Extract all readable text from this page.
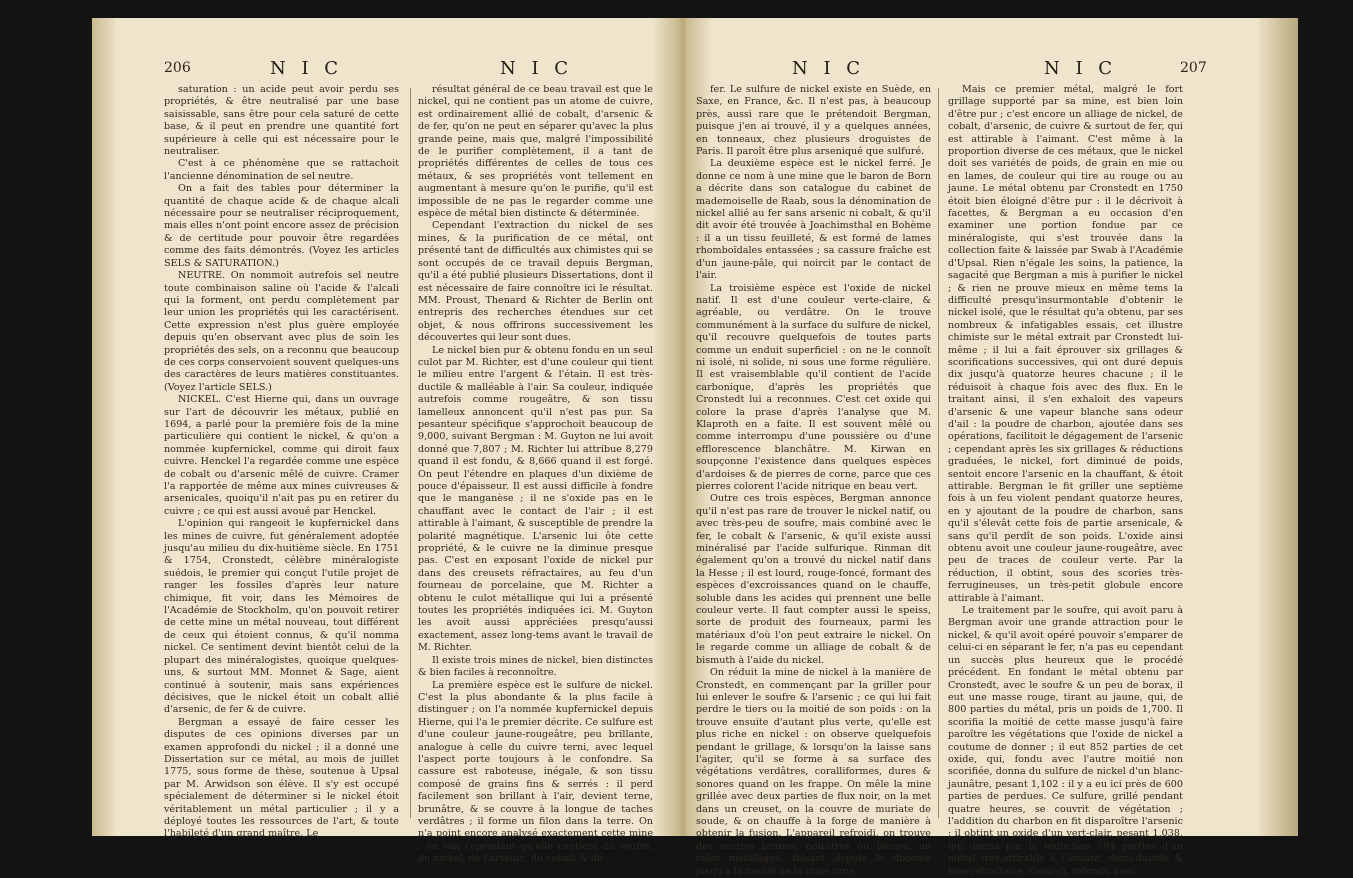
206	N I C	N I C

saturation : un acide peut avoir perdu ses propriétés, & être neutralisé par une base saisissable, sans être pour cela saturé de cette base, & il peut en prendre une quantité fort supérieure à celle qui est nécessaire pour le neutraliser.

C'est à ce phénomène que se rattachoit l'ancienne dénomination de sel neutre.

On a fait des tables pour déterminer la quantité de chaque acide & de chaque alcali nécessaire pour se neutraliser réciproquement, mais elles n'ont point encore assez de précision & de certitude pour pouvoir être regardées comme des faits démontrés. (Voyez les articles SELS & SATURATION.)

NEUTRE. On nommoit autrefois sel neutre toute combinaison saline où l'acide & l'alcali qui la forment, ont perdu complètement par leur union les propriétés qui les caractérisent. Cette expression n'est plus guère employée depuis qu'en observant avec plus de soin les propriétés des sels, on a reconnu que beaucoup de ces corps conservoient souvent quelques-uns des caractères de leurs matières constituantes. (Voyez l'article SELS.)

NICKEL. C'est Hierne qui, dans un ouvrage sur l'art de découvrir les métaux, publié en 1694, a parlé pour la première fois de la mine particulière qui contient le nickel, & qu'on a nommée kupfernickel, comme qui diroit faux cuivre. Henckel l'a regardée comme une espèce de cobalt ou d'arsenic mêlé de cuivre. Cramer l'a rapportée de même aux mines cuivreuses & arsenicales, quoiqu'il n'ait pas pu en retirer du cuivre ; ce qui est aussi avoué par Henckel.

L'opinion qui rangeoit le kupfernickel dans les mines de cuivre, fut généralement adoptée jusqu'au milieu du dix-huitième siècle. En 1751 & 1754, Cronstedt, célèbre minéralogiste suédois, le premier qui conçut l'utile projet de ranger les fossiles d'après leur nature chimique, fit voir, dans les Mémoires de l'Académie de Stockholm, qu'on pouvoit retirer de cette mine un métal nouveau, tout différent de ceux qui étoient connus, & qu'il nomma nickel. Ce sentiment devint bientôt celui de la plupart des minéralogistes, quoique quelques-uns, & surtout MM. Monnet & Sage, aient continué à soutenir, mais sans expériences décisives, que le nickel étoit un cobalt allié d'arsenic, de fer & de cuivre.

Bergman a essayé de faire cesser les disputes de ces opinions diverses par un examen approfondi du nickel ; il a donné une Dissertation sur ce métal, au mois de juillet 1775, sous forme de thèse, soutenue à Upsal par M. Arwidson son élève. Il s'y est occupé spécialement de déterminer si le nickel étoit véritablement un métal particulier ; il y a déployé toutes les ressources de l'art, & toute l'habileté d'un grand maître. Le

résultat général de ce beau travail est que le nickel, qui ne contient pas un atome de cuivre, est ordinairement allié de cobalt, d'arsenic & de fer, qu'on ne peut en séparer qu'avec la plus grande peine, mais que, malgré l'impossibilité de le purifier complètement, il a tant de propriétés différentes de celles de tous ces métaux, & ses propriétés vont tellement en augmentant à mesure qu'on le purifie, qu'il est impossible de ne pas le regarder comme une espèce de métal bien distincte & déterminée.

Cependant l'extraction du nickel de ses mines, & la purification de ce métal, ont présenté tant de difficultés aux chimistes qui se sont occupés de ce travail depuis Bergman, qu'il a été publié plusieurs Dissertations, dont il est nécessaire de faire connoître ici le résultat. MM. Proust, Thenard & Richter de Berlin ont entrepris des recherches étendues sur cet objet, & nous offrirons successivement les découvertes qui leur sont dues.

Le nickel bien pur & obtenu fondu en un seul culot par M. Richter, est d'une couleur qui tient le milieu entre l'argent & l'étain. Il est très-ductile & malléable à l'air. Sa couleur, indiquée autrefois comme rougeâtre, & son tissu lamelleux annoncent qu'il n'est pas pur. Sa pesanteur spécifique s'approchoit beaucoup de 9,000, suivant Bergman : M. Guyton ne lui avoit donné que 7,807 ; M. Richter lui attribue 8,279 quand il est fondu, & 8,666 quand il est forgé. On peut l'étendre en plaques d'un dixième de pouce d'épaisseur. Il est aussi difficile à fondre que le manganèse ; il ne s'oxide pas en le chauffant avec le contact de l'air ; il est attirable à l'aimant, & susceptible de prendre la polarité magnétique. L'arsenic lui ôte cette propriété, & le cuivre ne la diminue presque pas. C'est en exposant l'oxide de nickel pur dans des creusets réfractaires, au feu d'un fourneau de porcelaine, que M. Richter a obtenu le culot métallique qui lui a présenté toutes les propriétés indiquées ici. M. Guyton les avoit aussi appréciées presqu'aussi exactement, assez long-tems avant le travail de M. Richter.

Il existe trois mines de nickel, bien distinctes & bien faciles à reconnoître.

La première espèce est le sulfure de nickel. C'est la plus abondante & la plus facile à distinguer ; on l'a nommée kupfernickel depuis Hierne, qui l'a le premier décrite. Ce sulfure est d'une couleur jaune-rougeâtre, peu brillante, analogue à celle du cuivre terni, avec lequel l'aspect porte toujours à le confondre. Sa cassure est raboteuse, inégale, & son tissu composé de grains fins & serrés : il perd facilement son brillant à l'air, devient terne, brunâtre, & se couvre à la longue de taches verdâtres ; il forme un filon dans la terre. On n'a point encore analysé exactement cette mine : on sait cependant qu'elle contient du soufre, du nickel, de l'arsenic, du cobalt & du

N I C	N I C	207

fer. Le sulfure de nickel existe en Suède, en Saxe, en France, &c. Il n'est pas, à beaucoup près, aussi rare que le prétendoit Bergman, puisque j'en ai trouvé, il y a quelques années, en tonneaux, chez plusieurs droguistes de Paris. Il paroît être plus arseniqué que sulfuré.

La deuxième espèce est le nickel ferré. Je donne ce nom à une mine que le baron de Born a décrite dans son catalogue du cabinet de mademoiselle de Raab, sous la dénomination de nickel allié au fer sans arsenic ni cobalt, & qu'il dit avoir été trouvée à Joachimsthal en Bohème : il a un tissu feuilleté, & est formé de lames rhomboïdales entassées ; sa cassure fraîche est d'un jaune-pâle, qui noircit par le contact de l'air.

La troisième espèce est l'oxide de nickel natif. Il est d'une couleur verte-claire, & agréable, ou verdâtre. On le trouve communément à la surface du sulfure de nickel, qu'il recouvre quelquefois de toutes parts comme un enduit superficiel : on ne le connoît ni isolé, ni solide, ni sous une forme régulière. Il est vraisemblable qu'il contient de l'acide carbonique, d'après les propriétés que Cronstedt lui a reconnues. C'est cet oxide qui colore la prase d'après l'analyse que M. Klaproth en a faite. Il est souvent mêlé ou comme interrompu d'une poussière ou d'une efflorescence blanchâtre. M. Kirwan en soupçonne l'existence dans quelques espèces d'ardoises & de pierres de corne, parce que ces pierres colorent l'acide nitrique en beau vert.

Outre ces trois espèces, Bergman annonce qu'il n'est pas rare de trouver le nickel natif, ou avec très-peu de soufre, mais combiné avec le fer, le cobalt & l'arsenic, & qu'il existe aussi minéralisé par l'acide sulfurique. Rinman dit également qu'on a trouvé du nickel natif dans la Hesse ; il est lourd, rouge-foncé, formant des espèces d'excroissances quand on le chauffe, soluble dans les acides qui prennent une belle couleur verte. Il faut compter aussi le speiss, sorte de produit des fourneaux, parmi les matériaux d'où l'on peut extraire le nickel. On le regarde comme un alliage de cobalt & de bismuth à l'aide du nickel.

On réduit la mine de nickel à la manière de Cronstedt, en commençant par la griller pour lui enlever le soufre & l'arsenic ; ce qui lui fait perdre le tiers ou la moitié de son poids : on la trouve ensuite d'autant plus verte, qu'elle est plus riche en nickel : on observe quelquefois pendant le grillage, & lorsqu'on la laisse sans l'agiter, qu'il se forme à sa surface des végétations verdâtres, coralliformes, dures & sonores quand on les frappe. On mêle la mine grillée avec deux parties de flux noir, on la met dans un creuset, on la couvre de muriate de soude, & on chauffe à la forge de manière à obtenir la fusion. L'appareil refroidi, on trouve des scories brunes, noirâtres ou bleues, un culot métallique, faisant depuis le dixième jusqu'à la moitié de la mine crue.

Mais ce premier métal, malgré le fort grillage supporté par sa mine, est bien loin d'être pur ; c'est encore un alliage de nickel, de cobalt, d'arsenic, de cuivre & surtout de fer, qui est attirable à l'aimant. C'est même à la proportion diverse de ces métaux, que le nickel doit ses variétés de poids, de grain en mie ou en lames, de couleur qui tire au rouge ou au jaune. Le métal obtenu par Cronstedt en 1750 étoit bien éloigné d'être pur : il le décrivoit à facettes, & Bergman a eu occasion d'en examiner une portion fondue par ce minéralogiste, qui s'est trouvée dans la collection faite & laissée par Swab à l'Académie d'Upsal. Rien n'égale les soins, la patience, la sagacité que Bergman a mis à purifier le nickel ; & rien ne prouve mieux en même tems la difficulté presqu'insurmontable d'obtenir le nickel isolé, que le résultat qu'a obtenu, par ses nombreux & infatigables essais, cet illustre chimiste sur le métal extrait par Cronstedt lui-même ; il lui a fait éprouver six grillages & scorifications successives, qui ont duré depuis dix jusqu'à quatorze heures chacune ; il le réduisoit à chaque fois avec des flux. En le traitant ainsi, il s'en exhaloit des vapeurs d'arsenic & une vapeur blanche sans odeur d'ail : la poudre de charbon, ajoutée dans ses opérations, facilitoit le dégagement de l'arsenic ; cependant après les six grillages & réductions graduées, le nickel, fort diminué de poids, sentoit encore l'arsenic en la chauffant, & étoit attirable. Bergman le fit griller une septième fois à un feu violent pendant quatorze heures, en y ajoutant de la poudre de charbon, sans qu'il s'élevât cette fois de partie arsenicale, & sans qu'il perdît de son poids. L'oxide ainsi obtenu avoit une couleur jaune-rougeâtre, avec peu de traces de couleur verte. Par la réduction, il obtint, sous des scories très-ferrugineuses, un très-petit globule encore attirable à l'aimant.

Le traitement par le soufre, qui avoit paru à Bergman avoir une grande attraction pour le nickel, & qu'il avoit opéré pouvoir s'emparer de celui-ci en séparant le fer, n'a pas eu cependant un succès plus heureux que le procédé précédent. En fondant le métal obtenu par Cronstedt, avec le soufre & un peu de borax, il eut une masse rouge, tirant au jaune, qui, de 800 parties du métal, pris un poids de 1,700. Il scorifia la moitié de cette masse jusqu'à faire paroître les végétations que l'oxide de nickel a coutume de donner ; il eut 852 parties de cet oxide, qui, fondu avec l'autre moitié non scorifiée, donna du sulfure de nickel d'un blanc-jaunâtre, pesant 1,102 : il y a eu ici près de 600 parties de perdues. Ce sulfure, grillé pendant quatre heures, se couvrit de végétation ; l'addition du charbon en fit disparoître l'arsenic ; il obtint un oxide d'un vert-clair, pesant 1,038, qui donna par la réduction 594 parties d'un métal très-attirable à l'aimant, demi-ductile & très-réfractaire. Celui-ci, refondu avec
